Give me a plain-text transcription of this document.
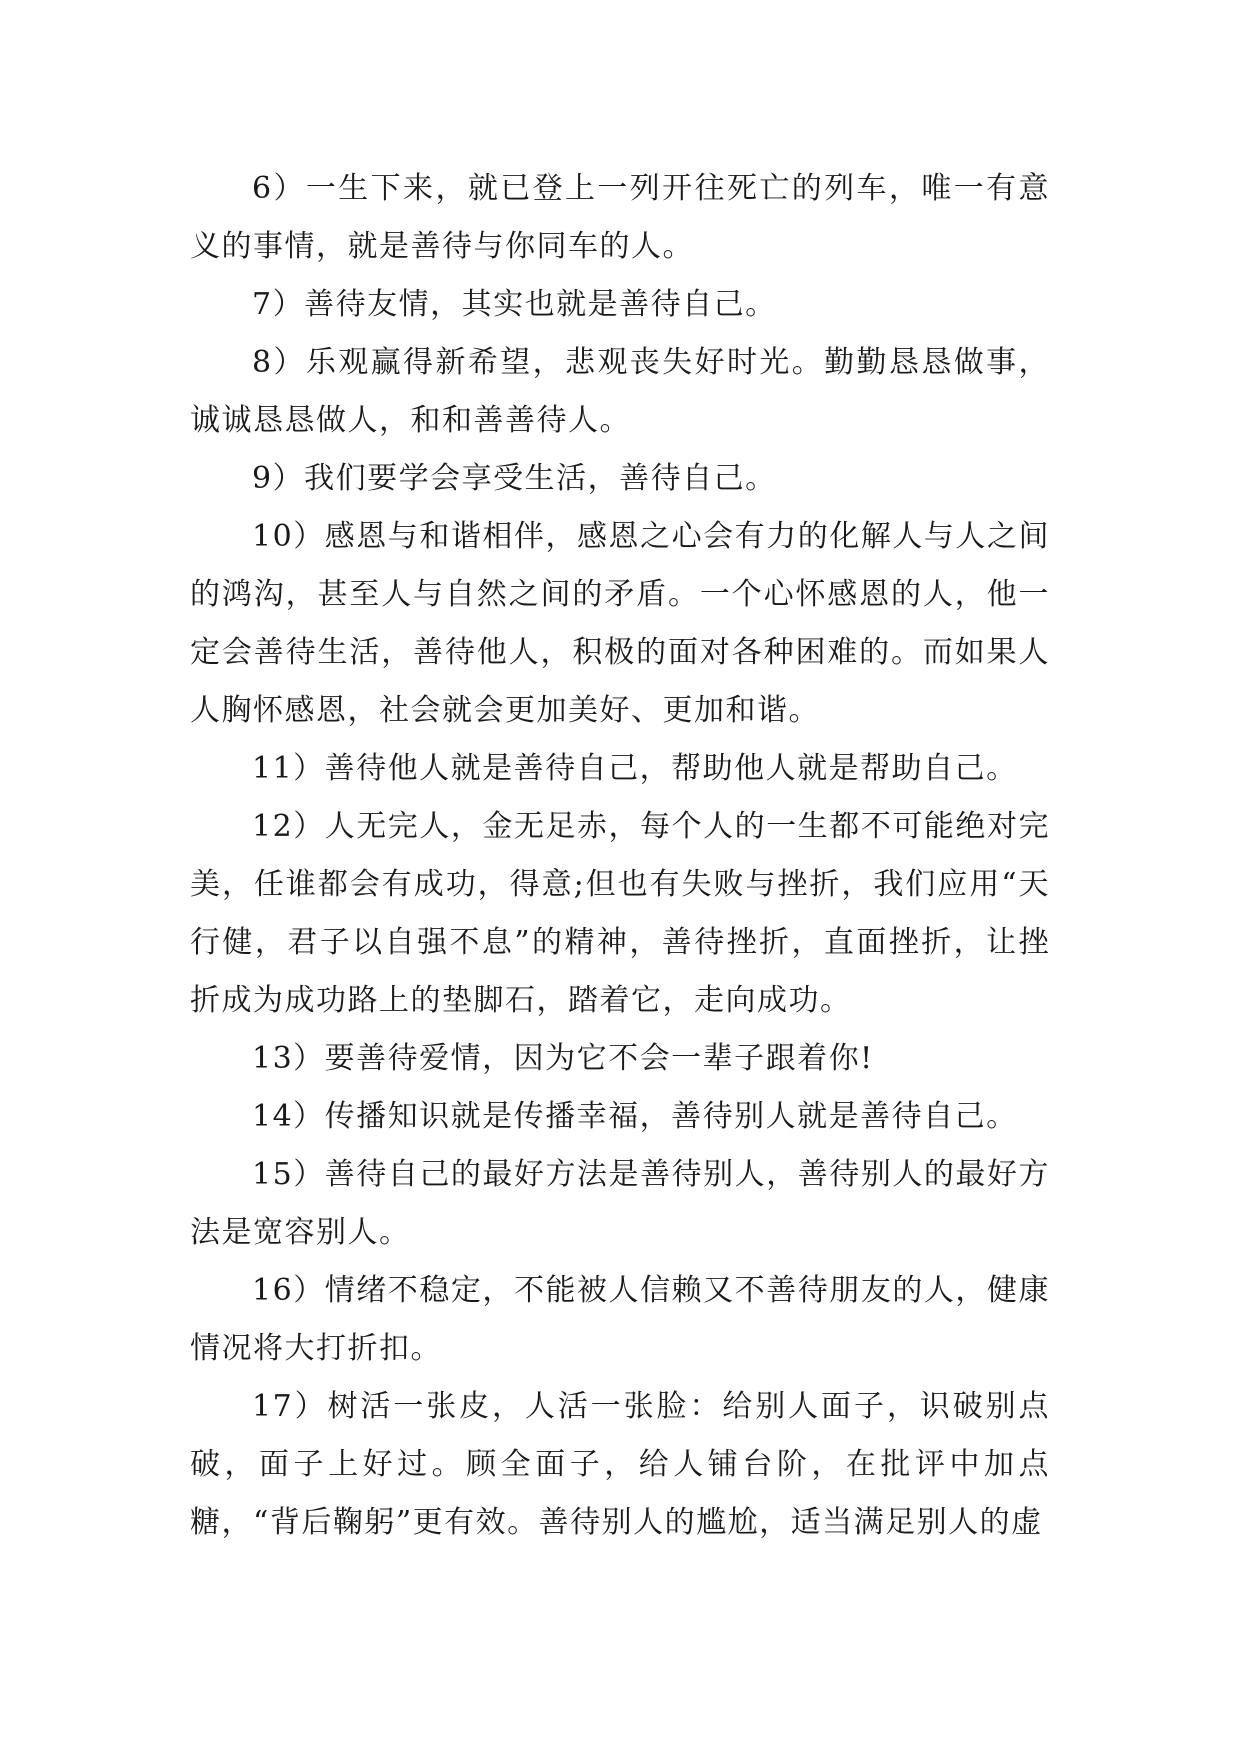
6）一生下来，就已登上一列开往死亡的列车，唯一有意义的事情，就是善待与你同车的人。

7）善待友情，其实也就是善待自己。

8）乐观赢得新希望，悲观丧失好时光。勤勤恳恳做事，诚诚恳恳做人，和和善善待人。

9）我们要学会享受生活，善待自己。

10）感恩与和谐相伴，感恩之心会有力的化解人与人之间的鸿沟，甚至人与自然之间的矛盾。一个心怀感恩的人，他一定会善待生活，善待他人，积极的面对各种困难的。而如果人人胸怀感恩，社会就会更加美好、更加和谐。

11）善待他人就是善待自己，帮助他人就是帮助自己。

12）人无完人，金无足赤，每个人的一生都不可能绝对完美，任谁都会有成功，得意;但也有失败与挫折，我们应用“天行健，君子以自强不息”的精神，善待挫折，直面挫折，让挫折成为成功路上的垫脚石，踏着它，走向成功。

13）要善待爱情，因为它不会一辈子跟着你!

14）传播知识就是传播幸福，善待别人就是善待自己。

15）善待自己的最好方法是善待别人，善待别人的最好方法是宽容别人。

16）情绪不稳定，不能被人信赖又不善待朋友的人，健康情况将大打折扣。

17）树活一张皮，人活一张脸：给别人面子，识破别点破，面子上好过。顾全面子，给人铺台阶，在批评中加点糖，“背后鞠躬”更有效。善待别人的尴尬，适当满足别人的虚
